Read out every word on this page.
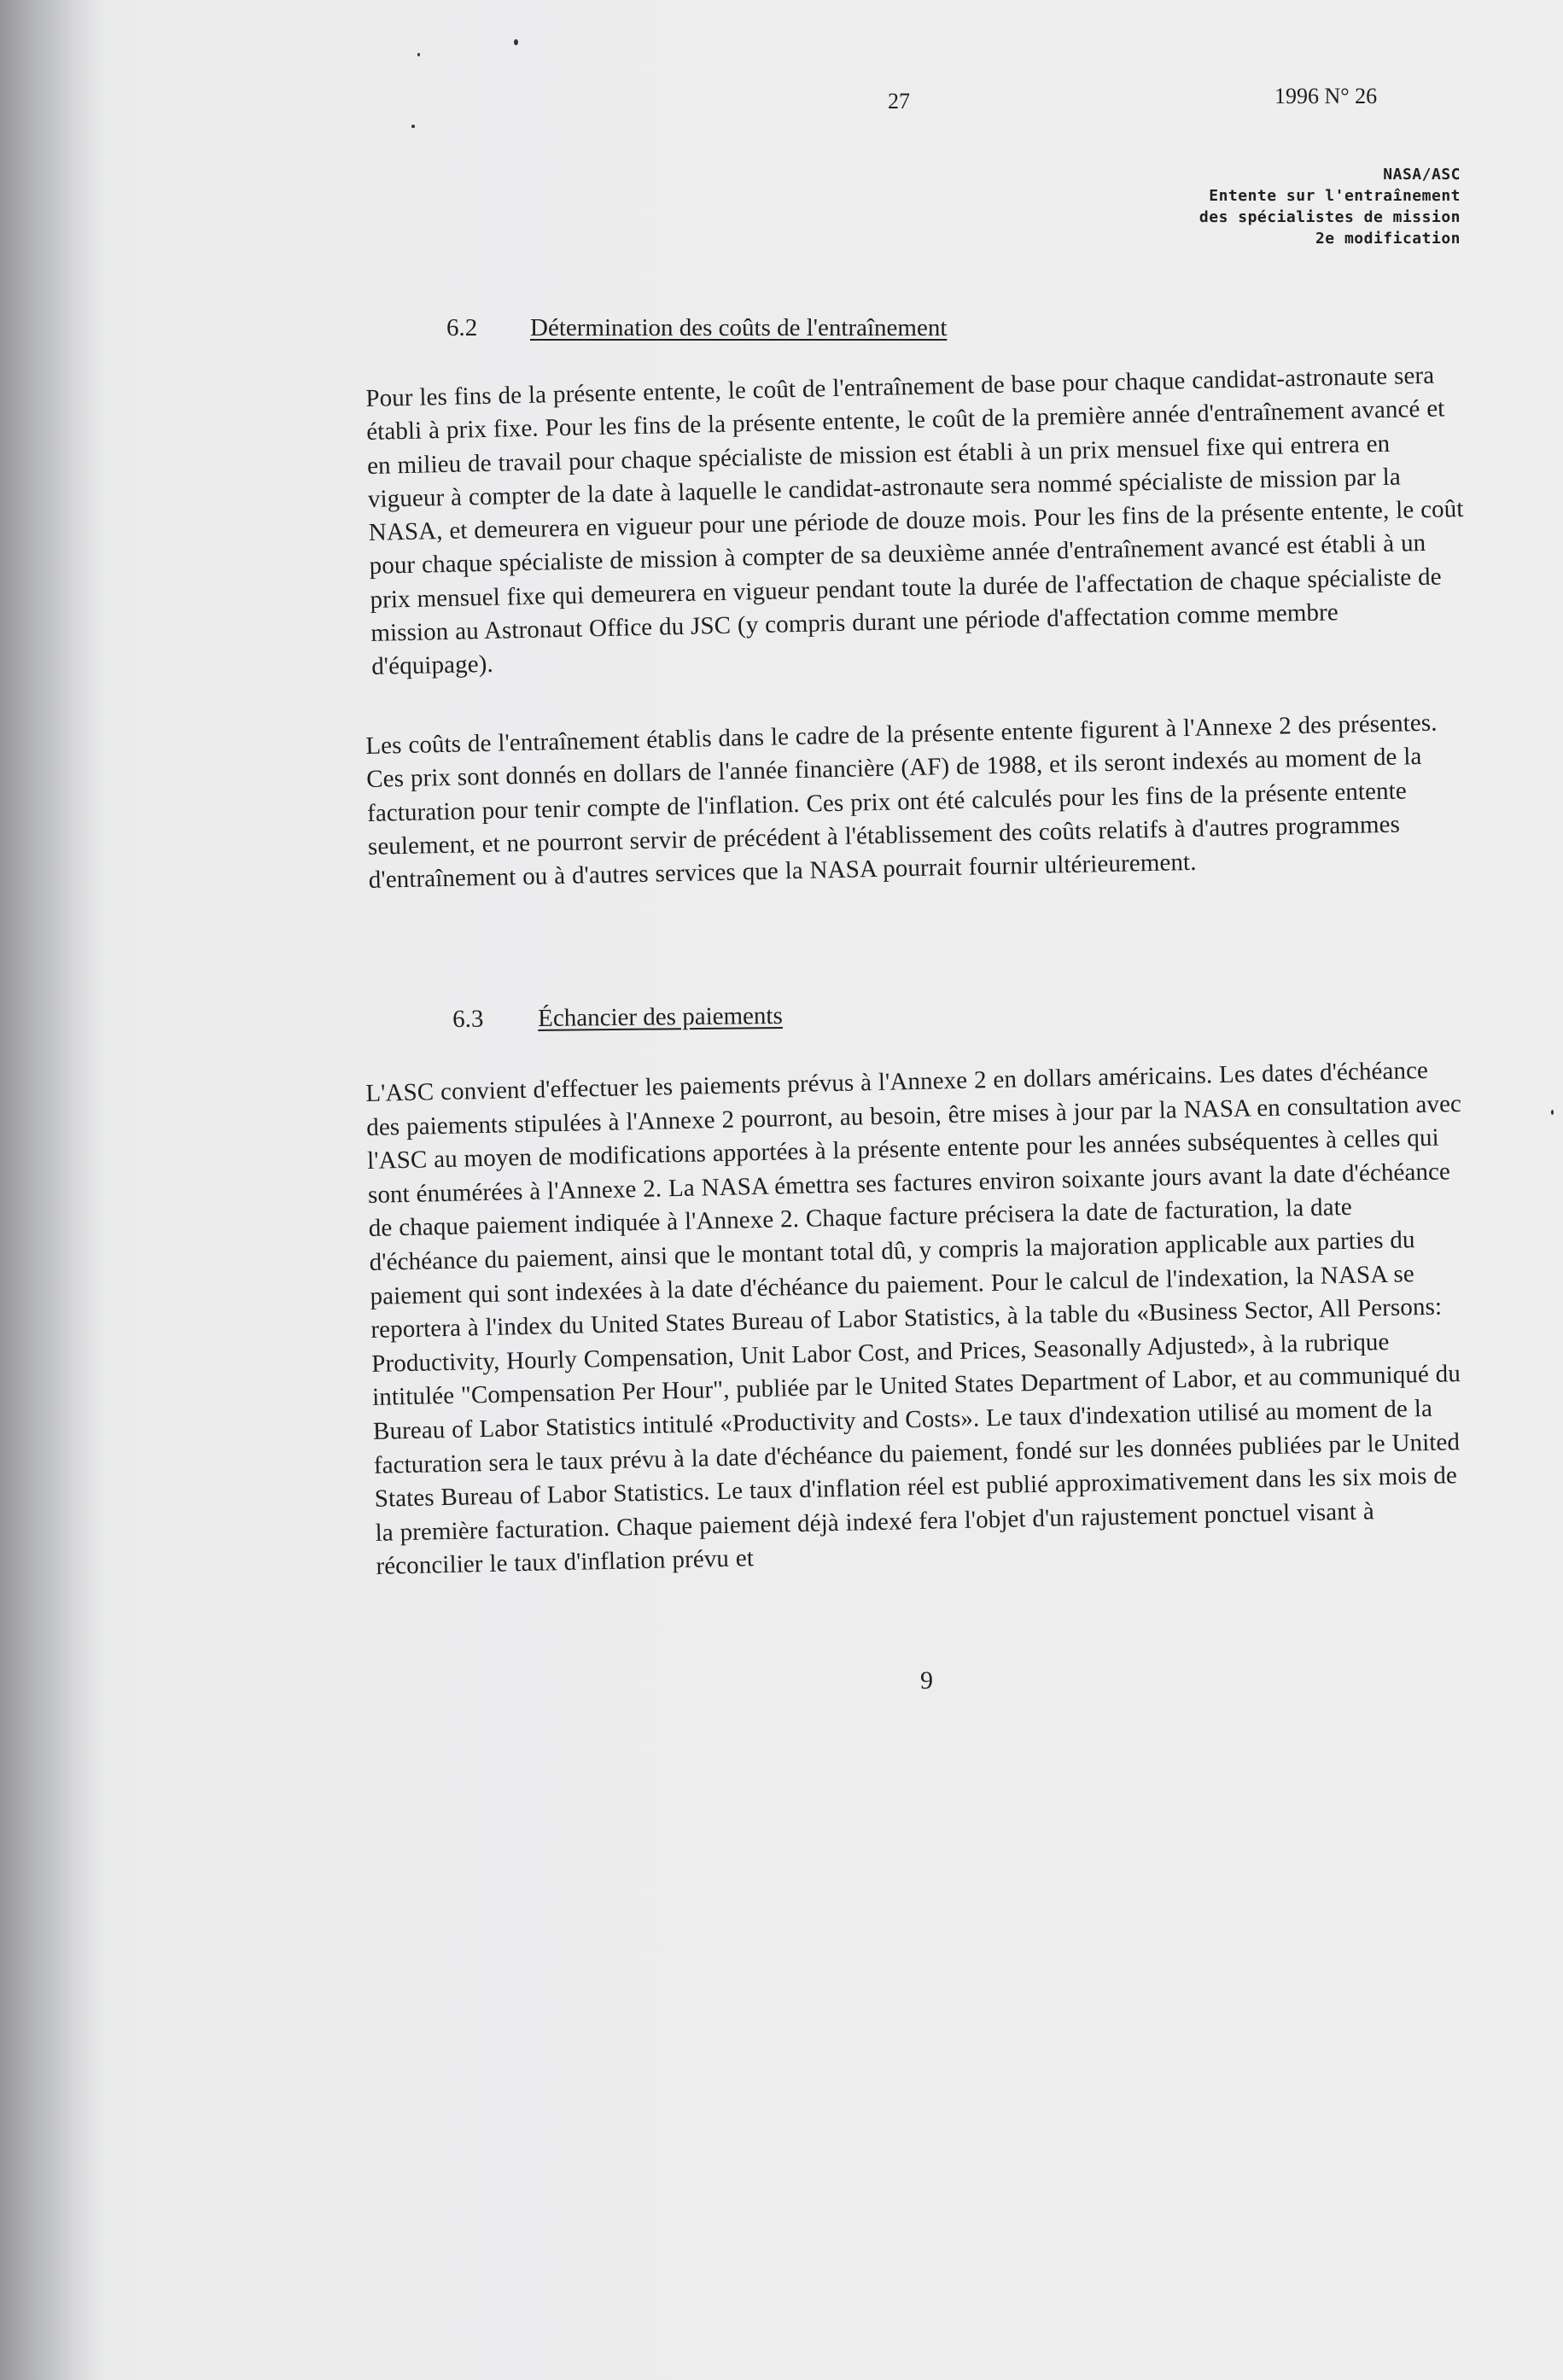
27	1996 N° 26
NASA/ASC
Entente sur l'entraînement
des spécialistes de mission
2e modification
6.2 Détermination des coûts de l'entraînement
Pour les fins de la présente entente, le coût de l'entraînement de base pour chaque candidat-astronaute sera établi à prix fixe. Pour les fins de la présente entente, le coût de la première année d'entraînement avancé et en milieu de travail pour chaque spécialiste de mission est établi à un prix mensuel fixe qui entrera en vigueur à compter de la date à laquelle le candidat-astronaute sera nommé spécialiste de mission par la NASA, et demeurera en vigueur pour une période de douze mois. Pour les fins de la présente entente, le coût pour chaque spécialiste de mission à compter de sa deuxième année d'entraînement avancé est établi à un prix mensuel fixe qui demeurera en vigueur pendant toute la durée de l'affectation de chaque spécialiste de mission au Astronaut Office du JSC (y compris durant une période d'affectation comme membre d'équipage).
Les coûts de l'entraînement établis dans le cadre de la présente entente figurent à l'Annexe 2 des présentes. Ces prix sont donnés en dollars de l'année financière (AF) de 1988, et ils seront indexés au moment de la facturation pour tenir compte de l'inflation. Ces prix ont été calculés pour les fins de la présente entente seulement, et ne pourront servir de précédent à l'établissement des coûts relatifs à d'autres programmes d'entraînement ou à d'autres services que la NASA pourrait fournir ultérieurement.
6.3 Échancier des paiements
L'ASC convient d'effectuer les paiements prévus à l'Annexe 2 en dollars américains. Les dates d'échéance des paiements stipulées à l'Annexe 2 pourront, au besoin, être mises à jour par la NASA en consultation avec l'ASC au moyen de modifications apportées à la présente entente pour les années subséquentes à celles qui sont énumérées à l'Annexe 2. La NASA émettra ses factures environ soixante jours avant la date d'échéance de chaque paiement indiquée à l'Annexe 2. Chaque facture précisera la date de facturation, la date d'échéance du paiement, ainsi que le montant total dû, y compris la majoration applicable aux parties du paiement qui sont indexées à la date d'échéance du paiement. Pour le calcul de l'indexation, la NASA se reportera à l'index du United States Bureau of Labor Statistics, à la table du «Business Sector, All Persons: Productivity, Hourly Compensation, Unit Labor Cost, and Prices, Seasonally Adjusted», à la rubrique intitulée "Compensation Per Hour", publiée par le United States Department of Labor, et au communiqué du Bureau of Labor Statistics intitulé «Productivity and Costs». Le taux d'indexation utilisé au moment de la facturation sera le taux prévu à la date d'échéance du paiement, fondé sur les données publiées par le United States Bureau of Labor Statistics. Le taux d'inflation réel est publié approximativement dans les six mois de la première facturation. Chaque paiement déjà indexé fera l'objet d'un rajustement ponctuel visant à réconcilier le taux d'inflation prévu et
9
